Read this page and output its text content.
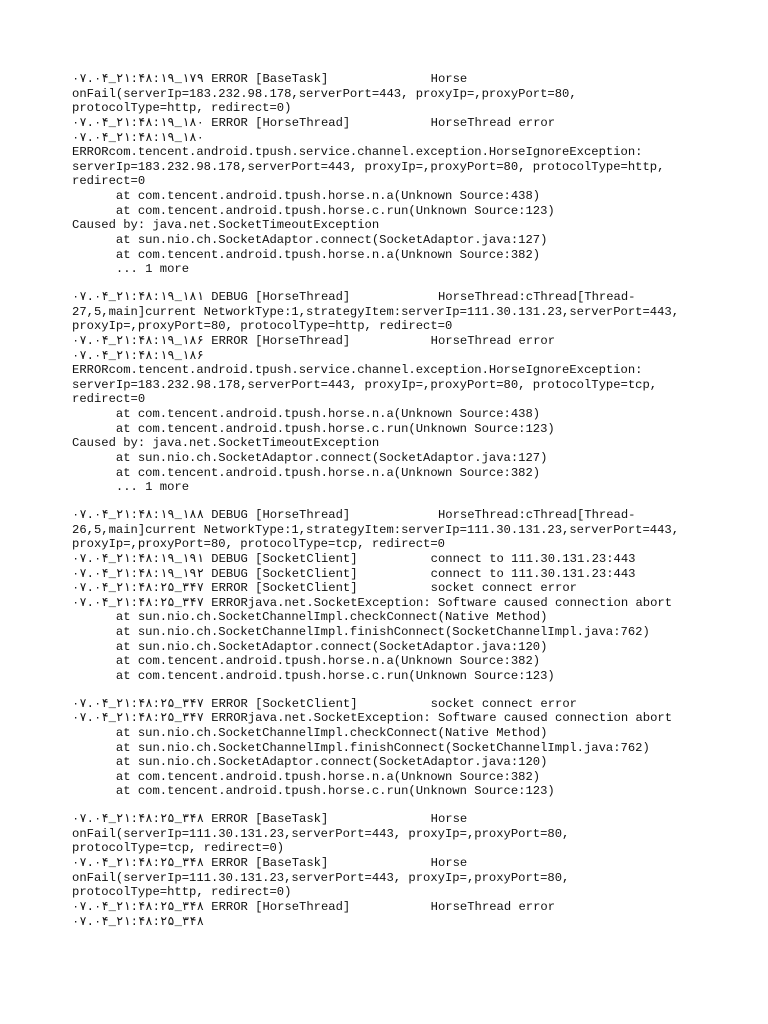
۰۷.۰۴_۲۱:۴۸:۱۹_۱۷۹ ERROR [BaseTask]              Horse
onFail(serverIp=183.232.98.178,serverPort=443, proxyIp=,proxyPort=80,
protocolType=http, redirect=0)
۰۷.۰۴_۲۱:۴۸:۱۹_۱۸۰ ERROR [HorseThread]           HorseThread error
۰۷.۰۴_۲۱:۴۸:۱۹_۱۸۰
ERRORcom.tencent.android.tpush.service.channel.exception.HorseIgnoreException:
serverIp=183.232.98.178,serverPort=443, proxyIp=,proxyPort=80, protocolType=http,
redirect=0
at com.tencent.android.tpush.horse.n.a(Unknown Source:438)
at com.tencent.android.tpush.horse.c.run(Unknown Source:123)
Caused by: java.net.SocketTimeoutException
at sun.nio.ch.SocketAdaptor.connect(SocketAdaptor.java:127)
at com.tencent.android.tpush.horse.n.a(Unknown Source:382)
... 1 more
۰۷.۰۴_۲۱:۴۸:۱۹_۱۸۱ DEBUG [HorseThread]            HorseThread:cThread[Thread-
27,5,main]current NetworkType:1,strategyItem:serverIp=111.30.131.23,serverPort=443,
proxyIp=,proxyPort=80, protocolType=http, redirect=0
۰۷.۰۴_۲۱:۴۸:۱۹_۱۸۶ ERROR [HorseThread]           HorseThread error
۰۷.۰۴_۲۱:۴۸:۱۹_۱۸۶
ERRORcom.tencent.android.tpush.service.channel.exception.HorseIgnoreException:
serverIp=183.232.98.178,serverPort=443, proxyIp=,proxyPort=80, protocolType=tcp,
redirect=0
at com.tencent.android.tpush.horse.n.a(Unknown Source:438)
at com.tencent.android.tpush.horse.c.run(Unknown Source:123)
Caused by: java.net.SocketTimeoutException
at sun.nio.ch.SocketAdaptor.connect(SocketAdaptor.java:127)
at com.tencent.android.tpush.horse.n.a(Unknown Source:382)
... 1 more
۰۷.۰۴_۲۱:۴۸:۱۹_۱۸۸ DEBUG [HorseThread]            HorseThread:cThread[Thread-
26,5,main]current NetworkType:1,strategyItem:serverIp=111.30.131.23,serverPort=443,
proxyIp=,proxyPort=80, protocolType=tcp, redirect=0
۰۷.۰۴_۲۱:۴۸:۱۹_۱۹۱ DEBUG [SocketClient]          connect to 111.30.131.23:443
۰۷.۰۴_۲۱:۴۸:۱۹_۱۹۲ DEBUG [SocketClient]          connect to 111.30.131.23:443
۰۷.۰۴_۲۱:۴۸:۲۵_۳۴۷ ERROR [SocketClient]          socket connect error
۰۷.۰۴_۲۱:۴۸:۲۵_۳۴۷ ERRORjava.net.SocketException: Software caused connection abort
at sun.nio.ch.SocketChannelImpl.checkConnect(Native Method)
at sun.nio.ch.SocketChannelImpl.finishConnect(SocketChannelImpl.java:762)
at sun.nio.ch.SocketAdaptor.connect(SocketAdaptor.java:120)
at com.tencent.android.tpush.horse.n.a(Unknown Source:382)
at com.tencent.android.tpush.horse.c.run(Unknown Source:123)
۰۷.۰۴_۲۱:۴۸:۲۵_۳۴۷ ERROR [SocketClient]          socket connect error
۰۷.۰۴_۲۱:۴۸:۲۵_۳۴۷ ERRORjava.net.SocketException: Software caused connection abort
at sun.nio.ch.SocketChannelImpl.checkConnect(Native Method)
at sun.nio.ch.SocketChannelImpl.finishConnect(SocketChannelImpl.java:762)
at sun.nio.ch.SocketAdaptor.connect(SocketAdaptor.java:120)
at com.tencent.android.tpush.horse.n.a(Unknown Source:382)
at com.tencent.android.tpush.horse.c.run(Unknown Source:123)
۰۷.۰۴_۲۱:۴۸:۲۵_۳۴۸ ERROR [BaseTask]              Horse
onFail(serverIp=111.30.131.23,serverPort=443, proxyIp=,proxyPort=80,
protocolType=tcp, redirect=0)
۰۷.۰۴_۲۱:۴۸:۲۵_۳۴۸ ERROR [BaseTask]              Horse
onFail(serverIp=111.30.131.23,serverPort=443, proxyIp=,proxyPort=80,
protocolType=http, redirect=0)
۰۷.۰۴_۲۱:۴۸:۲۵_۳۴۸ ERROR [HorseThread]           HorseThread error
۰۷.۰۴_۲۱:۴۸:۲۵_۳۴۸
